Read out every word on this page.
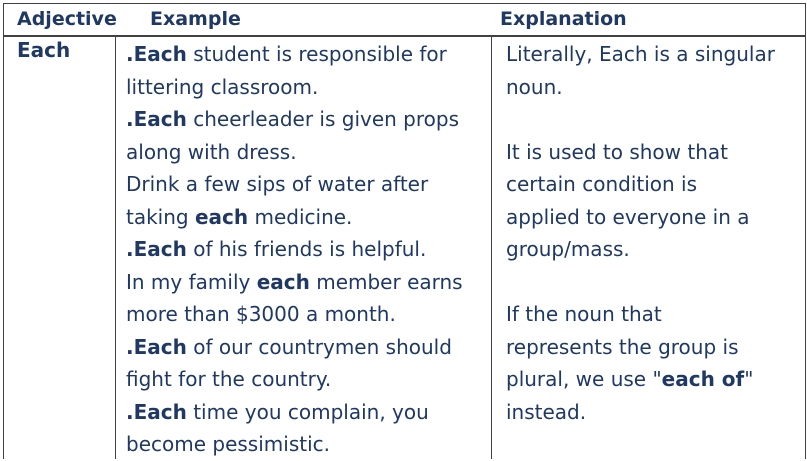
Adjective Example	Explanation
Each	.Each student is responsible for
littering classroom.
.Each cheerleader is given props
along with dress.
Drink a few sips of water after
taking each medicine.
.Each of his friends is helpful.
In my family each member earns
more than $3000 a month.
.Each of our countrymen should
fight for the country.
.Each time you complain, you
become pessimistic.
Literally, Each is a singular
noun.
It is used to show that
certain condition is
applied to everyone in a
group/mass.
If the noun that
represents the group is
plural, we use "each of"
instead.
